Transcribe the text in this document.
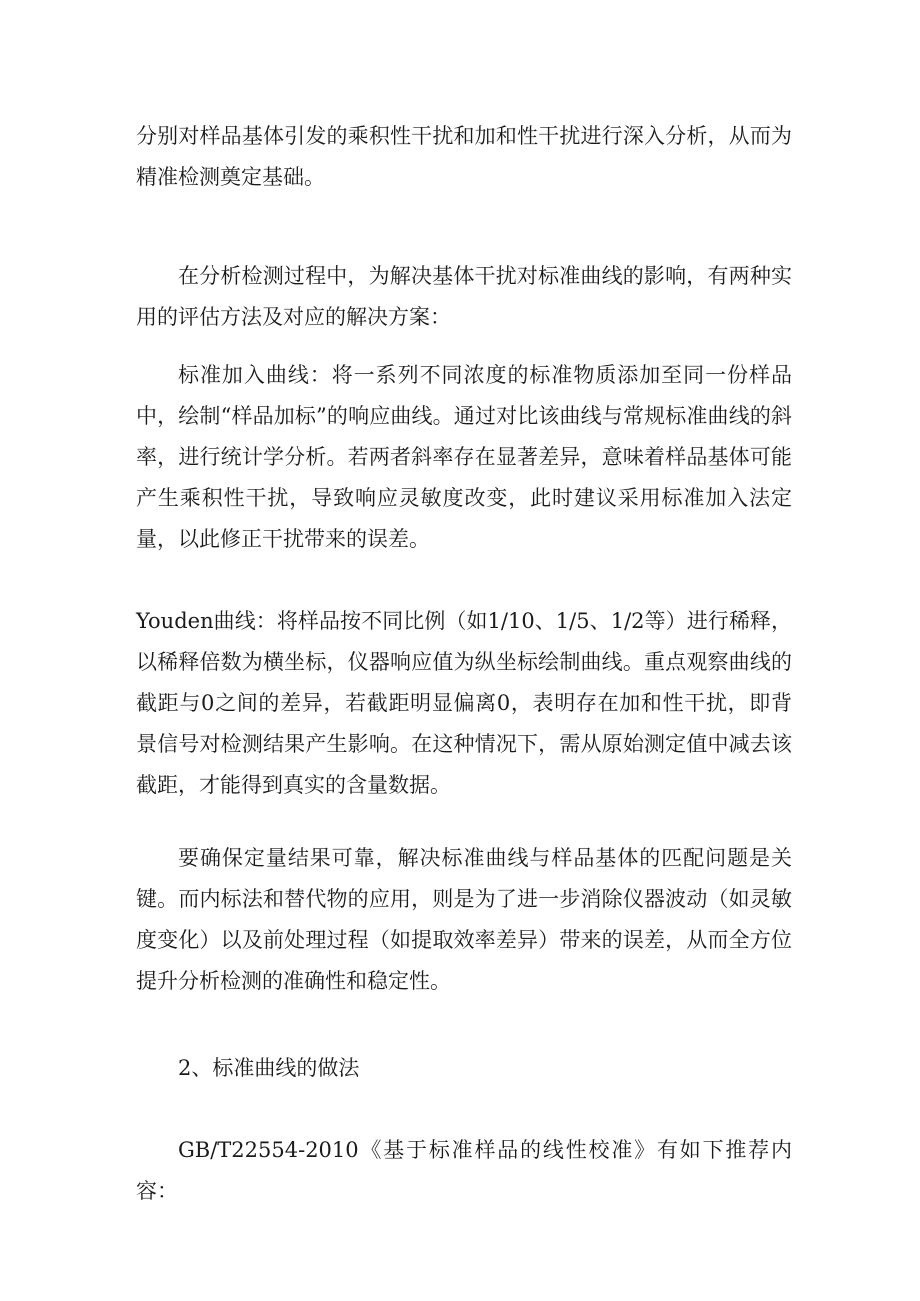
分别对样品基体引发的乘积性干扰和加和性干扰进行深入分析，从而为精准检测奠定基础。

在分析检测过程中，为解决基体干扰对标准曲线的影响，有两种实用的评估方法及对应的解决方案：

标准加入曲线：将一系列不同浓度的标准物质添加至同一份样品中，绘制“样品加标”的响应曲线。通过对比该曲线与常规标准曲线的斜率，进行统计学分析。若两者斜率存在显著差异，意味着样品基体可能产生乘积性干扰，导致响应灵敏度改变，此时建议采用标准加入法定量，以此修正干扰带来的误差。

Youden曲线：将样品按不同比例（如1/10、1/5、1/2等）进行稀释，以稀释倍数为横坐标，仪器响应值为纵坐标绘制曲线。重点观察曲线的截距与0之间的差异，若截距明显偏离0，表明存在加和性干扰，即背景信号对检测结果产生影响。在这种情况下，需从原始测定值中减去该截距，才能得到真实的含量数据。

要确保定量结果可靠，解决标准曲线与样品基体的匹配问题是关键。而内标法和替代物的应用，则是为了进一步消除仪器波动（如灵敏度变化）以及前处理过程（如提取效率差异）带来的误差，从而全方位提升分析检测的准确性和稳定性。

2、标准曲线的做法

GB/T22554-2010《基于标准样品的线性校准》有如下推荐内容：
